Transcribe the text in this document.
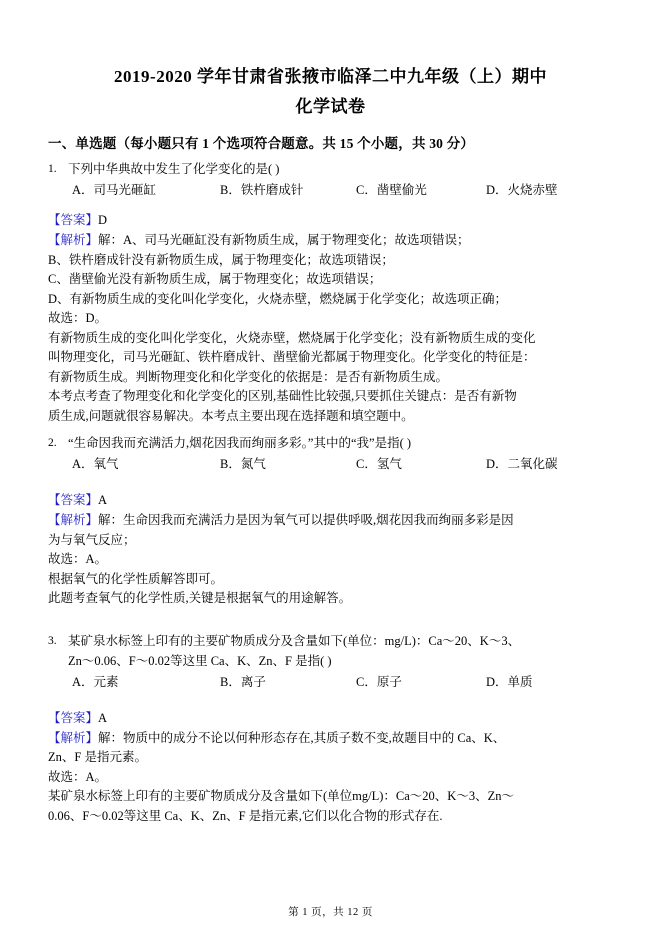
2019-2020 学年甘肃省张掖市临泽二中九年级（上）期中
化学试卷
一、单选题（每小题只有 1 个选项符合题意。共 15 个小题，共 30 分）
1. 下列中华典故中发生了化学变化的是( )
A．司马光砸缸	B．铁杵磨成针	C．凿壁偷光	D．火烧赤壁
【答案】D
【解析】解：A、司马光砸缸没有新物质生成，属于物理变化；故选项错误；

B、铁杵磨成针没有新物质生成，属于物理变化；故选项错误；

C、凿壁偷光没有新物质生成，属于物理变化；故选项错误；

D、有新物质生成的变化叫化学变化，火烧赤壁，燃烧属于化学变化；故选项正确；

故选：D。

有新物质生成的变化叫化学变化，火烧赤壁，燃烧属于化学变化；没有新物质生成的变化

叫物理变化，司马光砸缸、铁杵磨成针、凿壁偷光都属于物理变化。化学变化的特征是：

有新物质生成。判断物理变化和化学变化的依据是：是否有新物质生成。

本考点考查了物理变化和化学变化的区别,基础性比较强,只要抓住关键点：是否有新物

质生成,问题就很容易解决。本考点主要出现在选择题和填空题中。

2. “生命因我而充满活力,烟花因我而绚丽多彩。”其中的“我”是指( )
A．氧气	B．氮气	C．氢气	D．二氧化碳
【答案】A
【解析】解：生命因我而充满活力是因为氧气可以提供呼吸,烟花因我而绚丽多彩是因

为与氧气反应；

故选：A。

根据氧气的化学性质解答即可。

此题考查氧气的化学性质,关键是根据氧气的用途解答。

3. 某矿泉水标签上印有的主要矿物质成分及含量如下(单位：mg/L)：Ca～20、K～3、
Zn～0.06、F～0.02等这里 Ca、K、Zn、F 是指( )
A．元素	B．离子	C．原子	D．单质
【答案】A
【解析】解：物质中的成分不论以何种形态存在,其质子数不变,故题目中的 Ca、K、

Zn、F 是指元素。

故选：A。

某矿泉水标签上印有的主要矿物质成分及含量如下(单位mg/L)：Ca～20、K～3、Zn～

0.06、F～0.02等这里 Ca、K、Zn、F 是指元素,它们以化合物的形式存在.

第 1 页，共 12 页
